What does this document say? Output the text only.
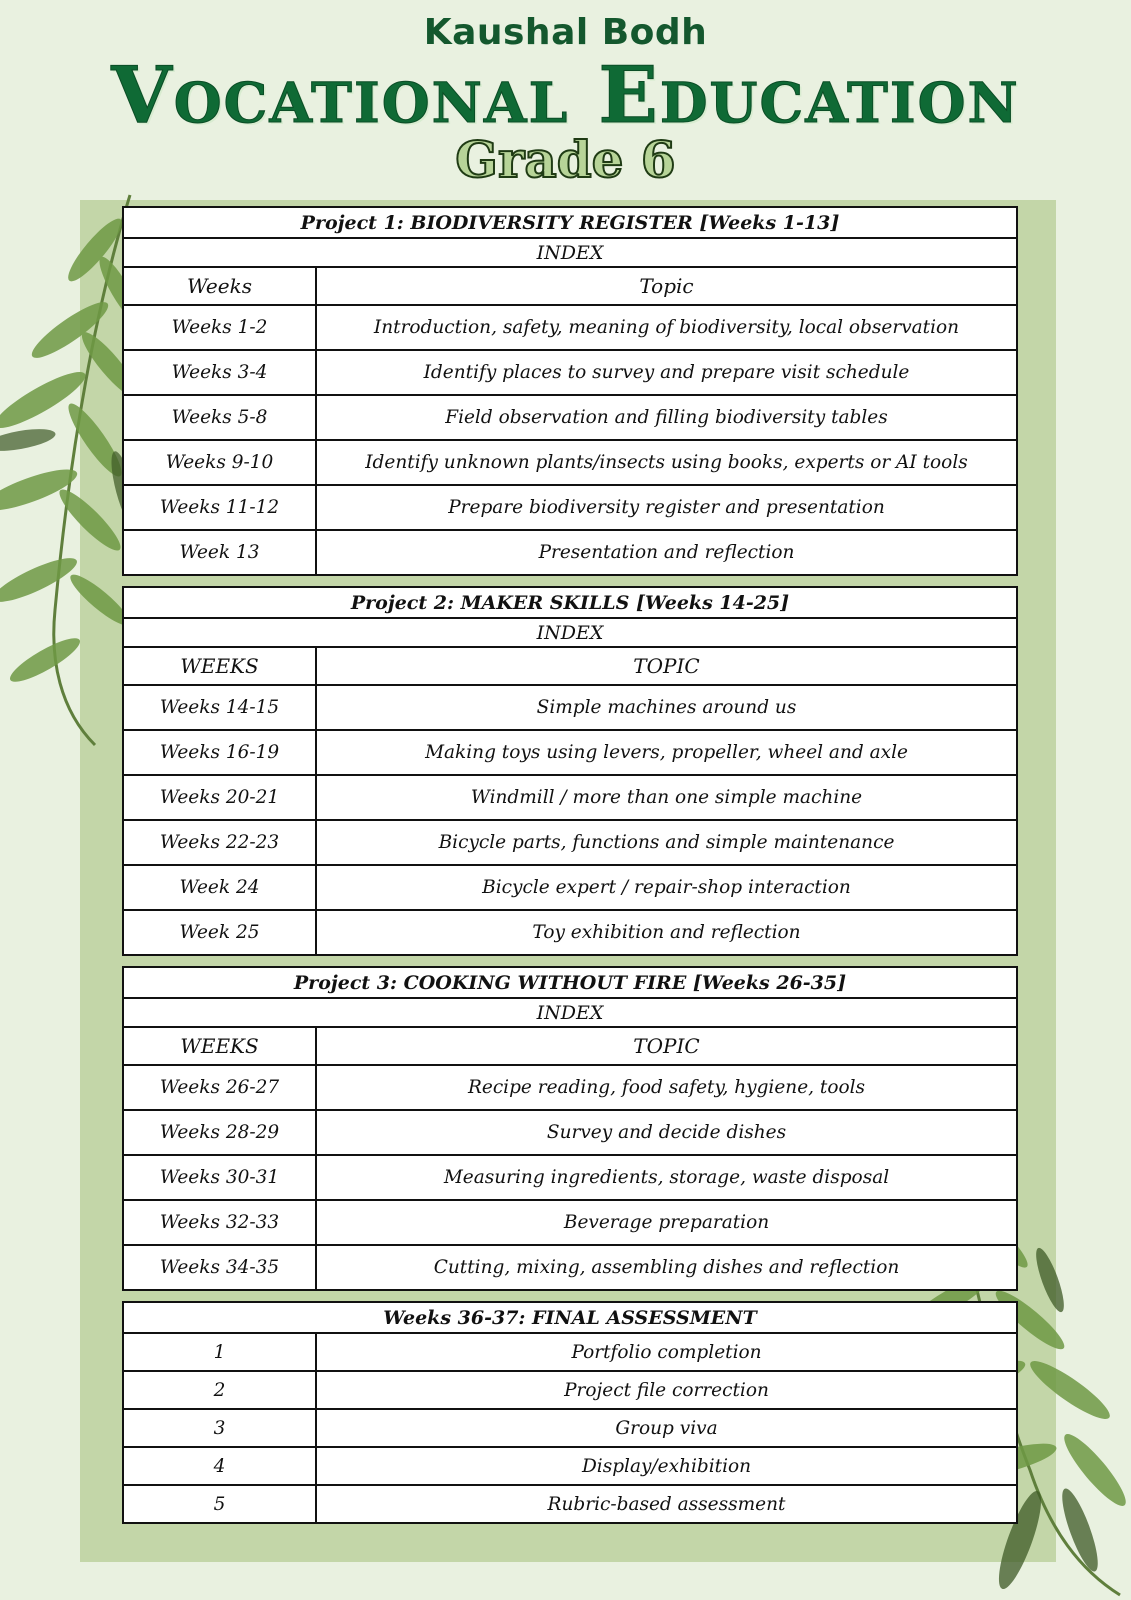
Kaushal Bodh
Vocational Education
Grade 6
Project 1: BIODIVERSITY REGISTER [Weeks 1-13]	
INDEX	
Weeks	Topic
Weeks 1-2	Introduction, safety, meaning of biodiversity, local observation
Weeks 3-4	Identify places to survey and prepare visit schedule
Weeks 5-8	Field observation and filling biodiversity tables
Weeks 9-10	Identify unknown plants/insects using books, experts or AI tools
Weeks 11-12	Prepare biodiversity register and presentation
Week 13	Presentation and reflection
Project 2: MAKER SKILLS [Weeks 14-25]	
INDEX	
WEEKS	TOPIC
Weeks 14-15	Simple machines around us
Weeks 16-19	Making toys using levers, propeller, wheel and axle
Weeks 20-21	Windmill / more than one simple machine
Weeks 22-23	Bicycle parts, functions and simple maintenance
Week 24	Bicycle expert / repair-shop interaction
Week 25	Toy exhibition and reflection
Project 3: COOKING WITHOUT FIRE [Weeks 26-35]	
INDEX	
WEEKS	TOPIC
Weeks 26-27	Recipe reading, food safety, hygiene, tools
Weeks 28-29	Survey and decide dishes
Weeks 30-31	Measuring ingredients, storage, waste disposal
Weeks 32-33	Beverage preparation
Weeks 34-35	Cutting, mixing, assembling dishes and reflection
Weeks 36-37: FINAL ASSESSMENT	
1	Portfolio completion
2	Project file correction
3	Group viva
4	Display/exhibition
5	Rubric-based assessment
